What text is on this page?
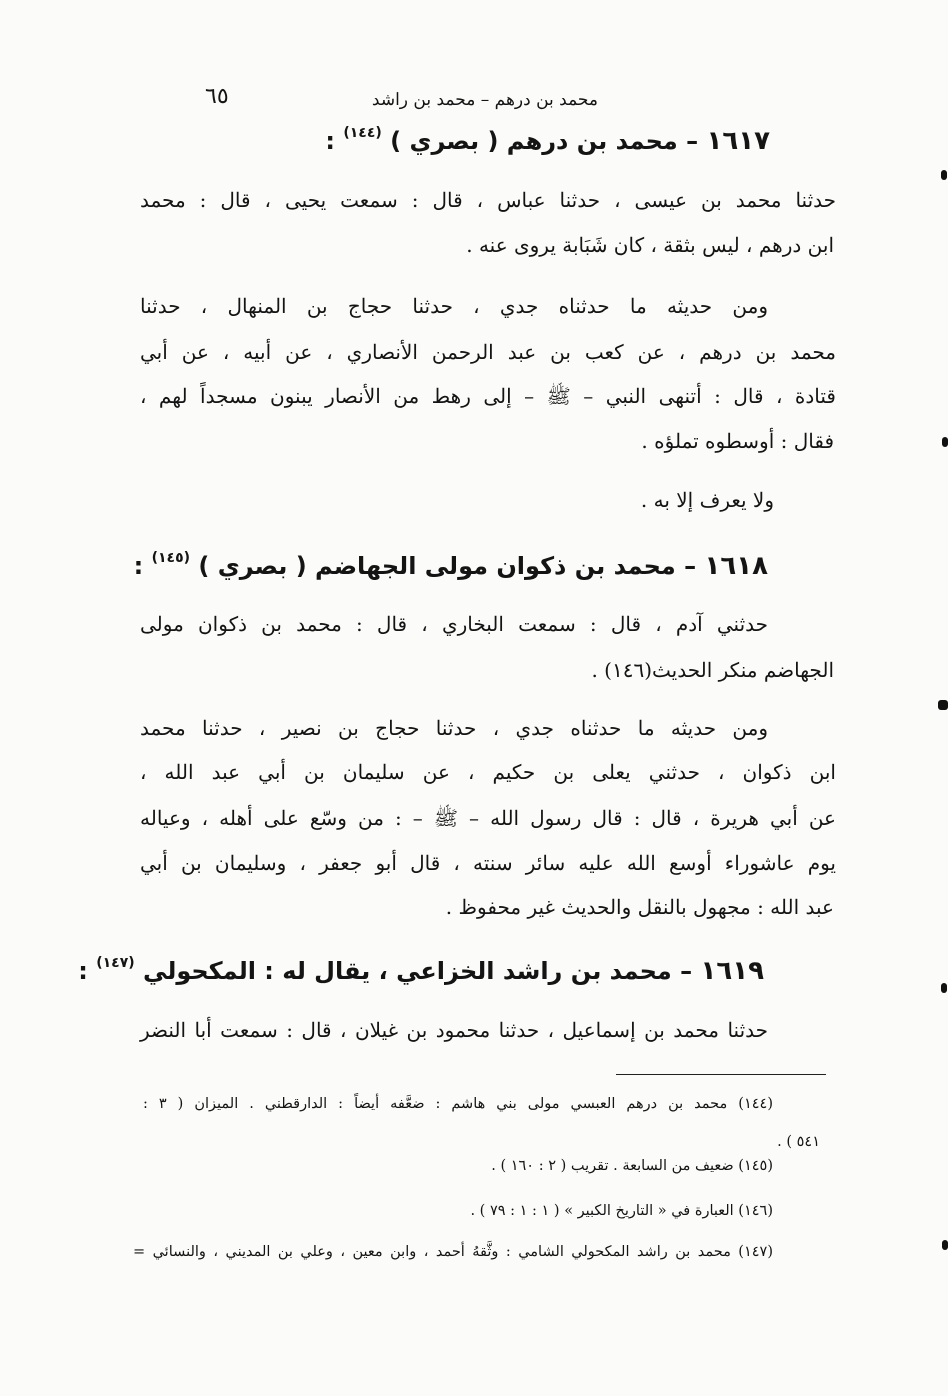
٦٥	محمد بن درهم – محمد بن راشد
١٦١٧ – محمد بن درهم ( بصري ) $^{(١٤٤)}$ :
حدثنا محمد بن عيسى ، حدثنا عباس ، قال : سمعت يحيى ، قال : محمد
ابن درهم ، ليس بثقة ، كان شَبَابة يروى عنه .
ومن حديثه ما حدثناه جدي ، حدثنا حجاج بن المنهال ، حدثنا
محمد بن درهم ، عن كعب بن عبد الرحمن الأنصاري ، عن أبيه ، عن أبي
قتادة ، قال : أتنهى النبي – ﷺ – إلى رهط من الأنصار يبنون مسجداً لهم ،
فقال : أوسطوه تملؤه .
ولا يعرف إلا به .
١٦١٨ – محمد بن ذكوان مولى الجهاضم ( بصري ) $^{(١٤٥)}$ :
حدثني آدم ، قال : سمعت البخاري ، قال : محمد بن ذكوان مولى
الجهاضم منكر الحديث(١٤٦) .
ومن حديثه ما حدثناه جدي ، حدثنا حجاج بن نصير ، حدثنا محمد
ابن ذكوان ، حدثني يعلى بن حكيم ، عن سليمان بن أبي عبد الله ،
عن أبي هريرة ، قال : قال رسول الله – ﷺ – : من وسّع على أهله ، وعياله
يوم عاشوراء أوسع الله عليه سائر سنته ، قال أبو جعفر ، وسليمان بن أبي
عبد الله : مجهول بالنقل والحديث غير محفوظ .
١٦١٩ – محمد بن راشد الخزاعي ، يقال له : المكحولي $^{(١٤٧)}$ :
حدثنا محمد بن إسماعيل ، حدثنا محمود بن غيلان ، قال : سمعت أبا النضر
(١٤٤) محمد بن درهم العبسي مولى بني هاشم : ضعَّفه أيضاً : الدارقطني . الميزان ( ٣ :
٥٤١ ) .
(١٤٥) ضعيف من السابعة . تقريب ( ٢ : ١٦٠ ) .
(١٤٦) العبارة في « التاريخ الكبير » ( ١ : ١ : ٧٩ ) .
(١٤٧) محمد بن راشد المكحولي الشامي : وثَّقهُ أحمد ، وابن معين ، وعلي بن المديني ، والنسائي =
